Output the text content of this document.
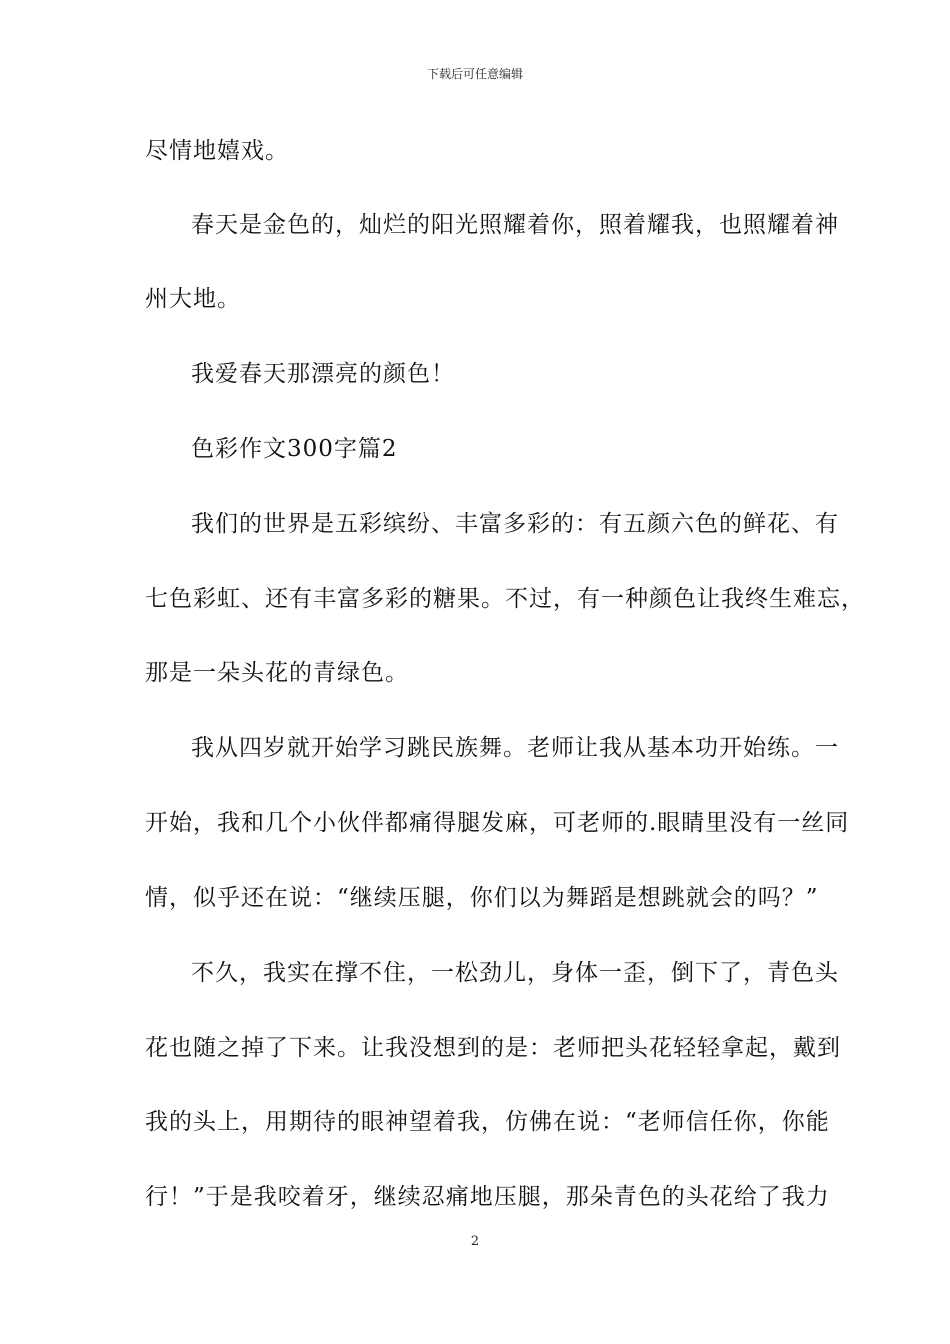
下载后可任意编辑
尽情地嬉戏。
春天是金色的，灿烂的阳光照耀着你，照着耀我，也照耀着神
州大地。
我爱春天那漂亮的颜色！
色彩作文300字篇2
我们的世界是五彩缤纷、丰富多彩的：有五颜六色的鲜花、有
七色彩虹、还有丰富多彩的糖果。不过，有一种颜色让我终生难忘，
那是一朵头花的青绿色。
我从四岁就开始学习跳民族舞。老师让我从基本功开始练。一
开始，我和几个小伙伴都痛得腿发麻，可老师的.眼睛里没有一丝同
情，似乎还在说：“继续压腿，你们以为舞蹈是想跳就会的吗？”
不久，我实在撑不住，一松劲儿，身体一歪，倒下了，青色头
花也随之掉了下来。让我没想到的是：老师把头花轻轻拿起，戴到
我的头上，用期待的眼神望着我，仿佛在说：“老师信任你，你能
行！”于是我咬着牙，继续忍痛地压腿，那朵青色的头花给了我力
2
